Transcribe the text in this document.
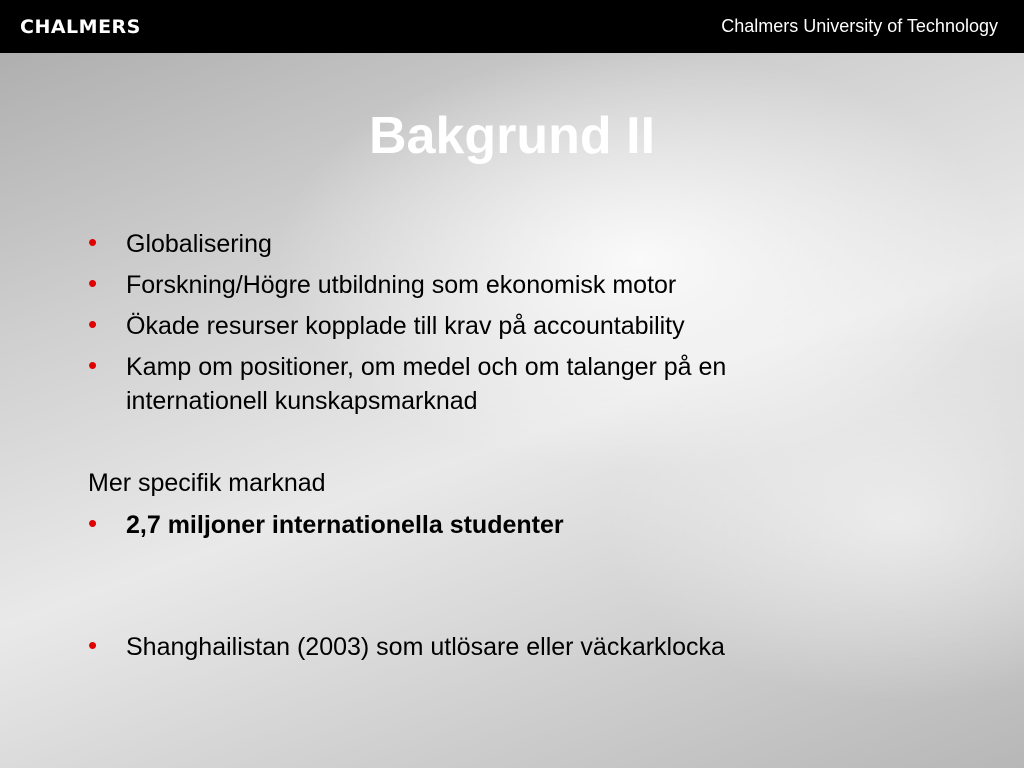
CHALMERS	Chalmers University of Technology
Bakgrund II
• Globalisering
• Forskning/Högre utbildning som ekonomisk motor
• Ökade resurser kopplade till krav på accountability
• Kamp om positioner, om medel och om talanger på en
internationell kunskapsmarknad
Mer specifik marknad
• 2,7 miljoner internationella studenter
• Shanghailistan (2003) som utlösare eller väckarklocka
